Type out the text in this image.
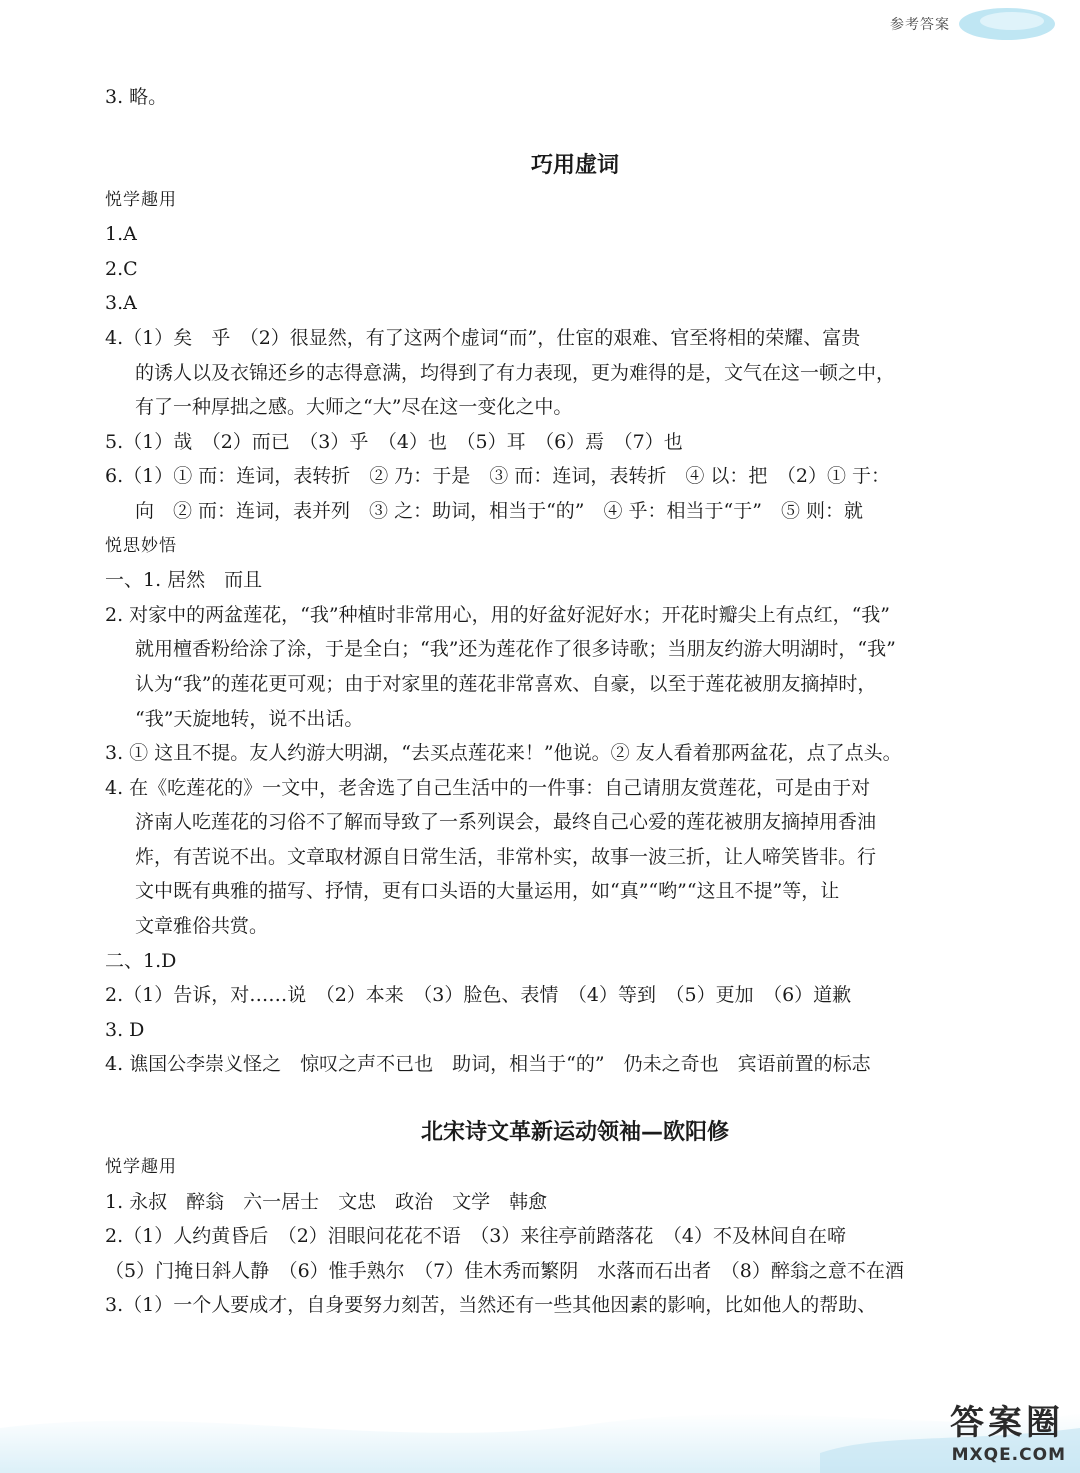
参考答案
3. 略。
巧用虚词
悦学趣用
1.A
2.C
3.A
4.（1）矣　乎　（2）很显然，有了这两个虚词“而”，仕宦的艰难、官至将相的荣耀、富贵
的诱人以及衣锦还乡的志得意满，均得到了有力表现，更为难得的是，文气在这一顿之中，
有了一种厚拙之感。大师之“大”尽在这一变化之中。
5.（1）哉　（2）而已　（3）乎　（4）也　（5）耳　（6）焉　（7）也
6.（1）① 而：连词，表转折　② 乃：于是　③ 而：连词，表转折　④ 以：把　（2）① 于：
向　② 而：连词，表并列　③ 之：助词，相当于“的”　④ 乎：相当于“于”　⑤ 则：就
悦思妙悟
一、1. 居然　而且
2. 对家中的两盆莲花，“我”种植时非常用心，用的好盆好泥好水；开花时瓣尖上有点红，“我”
就用檀香粉给涂了涂，于是全白；“我”还为莲花作了很多诗歌；当朋友约游大明湖时，“我”
认为“我”的莲花更可观；由于对家里的莲花非常喜欢、自豪，以至于莲花被朋友摘掉时，
“我”天旋地转，说不出话。
3. ① 这且不提。友人约游大明湖，“去买点莲花来！”他说。② 友人看着那两盆花，点了点头。
4. 在《吃莲花的》一文中，老舍选了自己生活中的一件事：自己请朋友赏莲花，可是由于对
济南人吃莲花的习俗不了解而导致了一系列误会，最终自己心爱的莲花被朋友摘掉用香油
炸，有苦说不出。文章取材源自日常生活，非常朴实，故事一波三折，让人啼笑皆非。行
文中既有典雅的描写、抒情，更有口头语的大量运用，如“真”“哟”“这且不提”等，让
文章雅俗共赏。
二、1.D
2.（1）告诉，对……说　（2）本来　（3）脸色、表情　（4）等到　（5）更加　（6）道歉
3. D
4. 谯国公李崇义怪之　惊叹之声不已也　助词，相当于“的”　仍未之奇也　宾语前置的标志
北宋诗文革新运动领袖—欧阳修
悦学趣用
1. 永叔　醉翁　六一居士　文忠　政治　文学　韩愈
2.（1）人约黄昏后　（2）泪眼问花花不语　（3）来往亭前踏落花　（4）不及林间自在啼
（5）门掩日斜人静　（6）惟手熟尔　（7）佳木秀而繁阴　水落而石出者　（8）醉翁之意不在酒
3.（1）一个人要成才，自身要努力刻苦，当然还有一些其他因素的影响，比如他人的帮助、
答案圈
MXQE.COM
